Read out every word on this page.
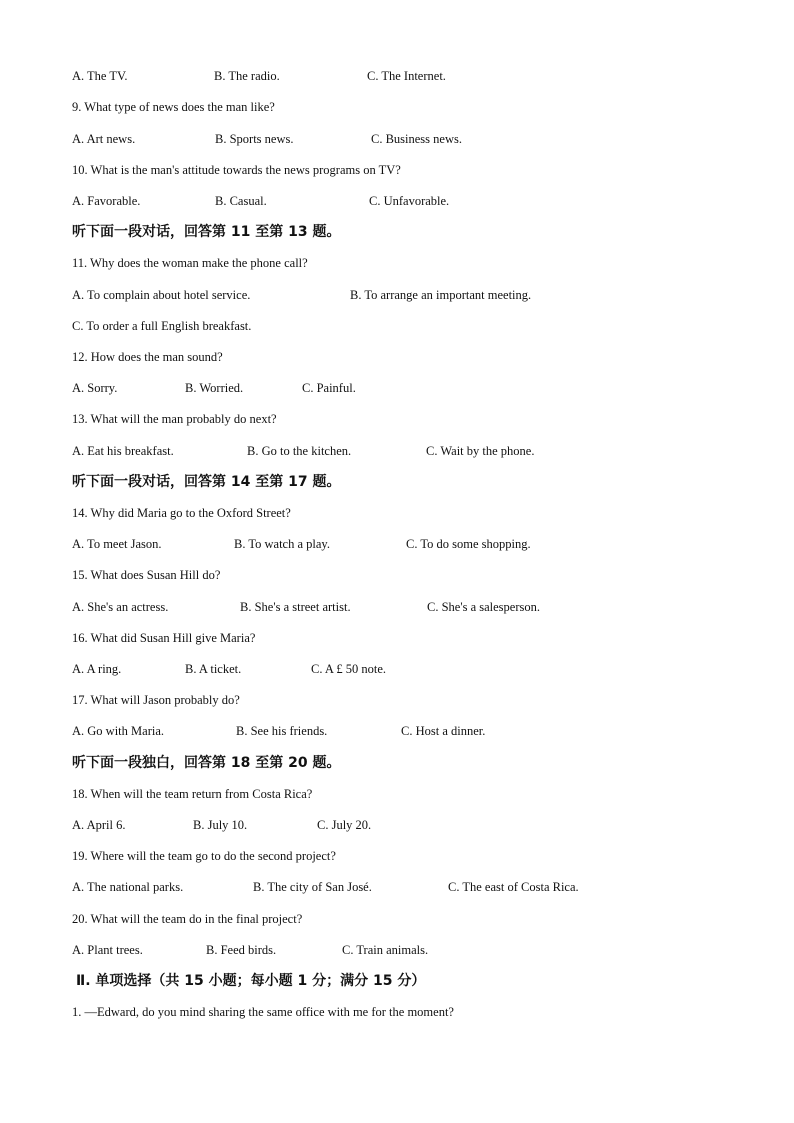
A. The TV.	B. The radio.	C. The Internet.
9. What type of news does the man like?
A. Art news.	B. Sports news.	C. Business news.
10. What is the man's attitude towards the news programs on TV?
A. Favorable.	B. Casual.	C. Unfavorable.
听下面一段对话，回答第 11 至第 13 题。
11. Why does the woman make the phone call?
A. To complain about hotel service.	B. To arrange an important meeting.
C. To order a full English breakfast.
12. How does the man sound?
A. Sorry.	B. Worried.	C. Painful.
13. What will the man probably do next?
A. Eat his breakfast.	B. Go to the kitchen.	C. Wait by the phone.
听下面一段对话，回答第 14 至第 17 题。
14. Why did Maria go to the Oxford Street?
A. To meet Jason.	B. To watch a play.	C. To do some shopping.
15. What does Susan Hill do?
A. She's an actress.	B. She's a street artist.	C. She's a salesperson.
16. What did Susan Hill give Maria?
A. A ring.	B. A ticket.	C. A £ 50 note.
17. What will Jason probably do?
A. Go with Maria.	B. See his friends.	C. Host a dinner.
听下面一段独白，回答第 18 至第 20 题。
18. When will the team return from Costa Rica?
A. April 6.	B. July 10.	C. July 20.
19. Where will the team go to do the second project?
A. The national parks.	B. The city of San José.	C. The east of Costa Rica.
20. What will the team do in the final project?
A. Plant trees.	B. Feed birds.	C. Train animals.
Ⅱ. 单项选择（共 15 小题；每小题 1 分；满分 15 分）
1. —Edward, do you mind sharing the same office with me for the moment?
